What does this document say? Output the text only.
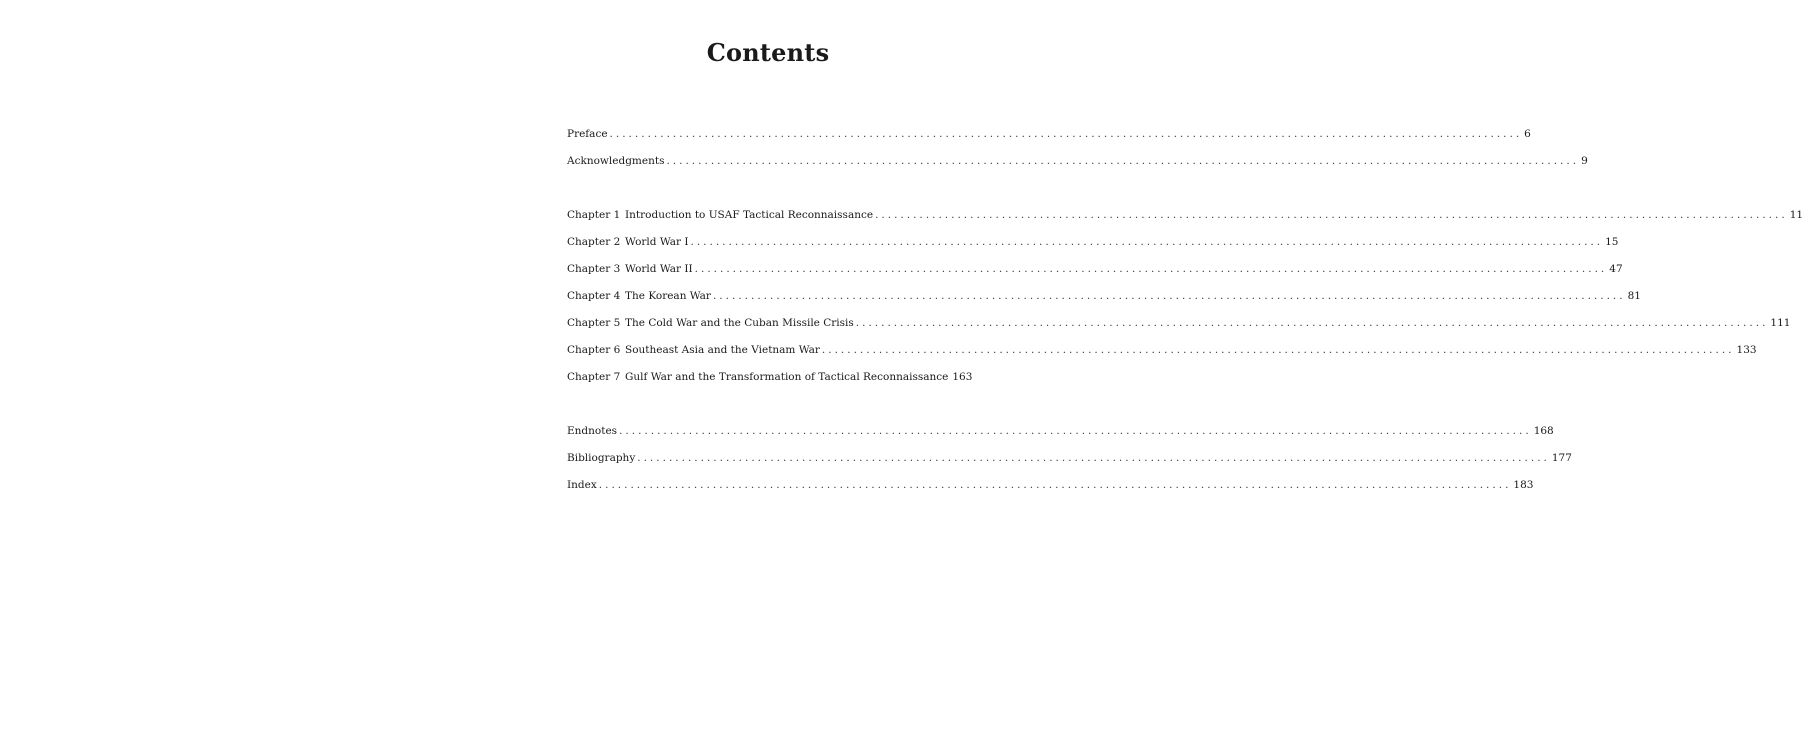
Contents
Preface .....	6
Acknowledgments .....	9
Chapter 1 Introduction to USAF Tactical Reconnaissance .....	11
Chapter 2 World War I .....	15
Chapter 3 World War II .....	47
Chapter 4 The Korean War .....	81
Chapter 5 The Cold War and the Cuban Missile Crisis .....	111
Chapter 6 Southeast Asia and the Vietnam War .....	133
Chapter 7 Gulf War and the Transformation of Tactical Reconnaissance 163
Endnotes .....	168
Bibliography .....	177
Index .....	183
